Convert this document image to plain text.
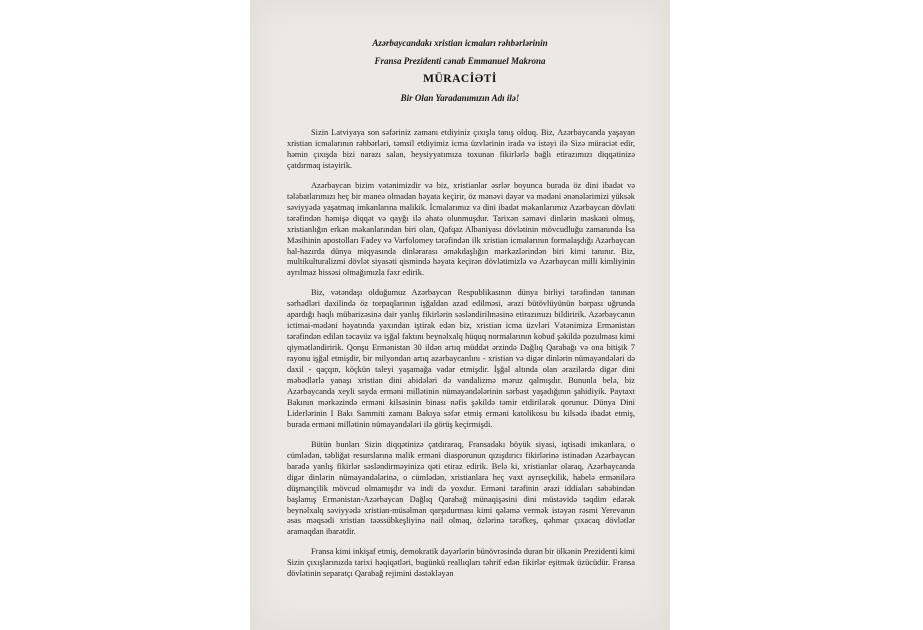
Azərbaycandakı xristian icmaları rəhbərlərinin
Fransa Prezidenti cənab Emmanuel Makrona
MÜRACİƏTİ
Bir Olan Yaradanımızın Adı ilə!

Sizin Latviyaya son səfəriniz zamanı etdiyiniz çıxışla tanış olduq. Biz, Azərbaycanda yaşayan xristian icmalarının rəhbərləri, təmsil etdiyimiz icma üzvlərinin iradə və istəyi ilə Sizə müraciət edir, həmin çıxışda bizi narazı salan, heysiyyatımıza toxunan fikirlərlə bağlı etirazımızı diqqətinizə çatdırmaq istəyirik.

Azərbaycan bizim vətənimizdir və biz, xristianlar əsrlər boyunca burada öz dini ibadət və tələbatlarımızı heç bir maneə olmadan həyata keçirir, öz mənəvi dəyər və mədəni ənənələrimizi yüksək səviyyədə yaşatmaq imkanlarına malikik. İcmalarımız və dini ibadət məkanlarımız Azərbaycan dövləti tərəfindən həmişə diqqət və qayğı ilə əhatə olunmuşdur. Tarixən səmavi dinlərin məskəni olmuş, xristianlığın erkən məkanlarından biri olan, Qafqaz Albaniyası dövlətinin mövcudluğu zamanında İsa Məsihinin apostolları Fadey və Varfolomey tərəfindən ilk xristian icmalarının formalaşdığı Azərbaycan hal-hazırda dünya miqyasında dinlərarası əməkdaşlığın mərkəzlərindən biri kimi tanınır. Biz, multikulturalizmi dövlət siyasəti qismində həyata keçirən dövlətimizlə və Azərbaycan milli kimliyinin ayrılmaz hissəsi olmağımızla fəxr edirik.

Biz, vətəndaşı olduğumuz Azərbaycan Respublikasının dünya birliyi tərəfindən tanınan sərhədləri daxilində öz torpaqlarının işğaldan azad edilməsi, ərazi bütövlüyünün bərpası uğrunda apardığı haqlı mübarizəsinə dair yanlış fikirlərin səsləndirilməsinə etirazımızı bildiririk. Azərbaycanın ictimai-mədəni həyatında yaxından iştirak edən biz, xristian icma üzvləri Vətənimizə Ermənistan tərəfindən edilən təcavüz və işğal faktını beynəlxalq hüquq normalarının kobud şəkildə pozulması kimi qiymətləndiririk. Qonşu Ermənistan 30 ildən artıq müddət ərzində Dağlıq Qarabağı və ona bitişik 7 rayonu işğal etmişdir, bir milyondan artıq azərbaycanlını - xristian və digər dinlərin nümayəndələri də daxil - qaçqın, köçkün taleyi yaşamağa vadar etmişdir. İşğal altında olan ərazilərdə digər dini məbədlərlə yanaşı xristian dini abidələri də vandalizmə məruz qalmışdır. Bununla belə, biz Azərbaycanda xeyli sayda erməni millətinin nümayəndələrinin sərbəst yaşadığının şahidiyik. Paytaxt Bakının mərkəzində erməni kilsəsinin binası nəfis şəkildə təmir etdirilərək qorunur. Dünya Dini Liderlərinin I Bakı Sammiti zamanı Bakıya səfər etmiş erməni katolikosu bu kilsədə ibadət etmiş, burada erməni millətinin nümayəndələri ilə görüş keçirmişdi.

Bütün bunları Sizin diqqətinizə çatdıraraq, Fransadakı böyük siyasi, iqtisadi imkanlara, o cümlədən, təbliğat resurslarına malik erməni diasporunun qızışdırıcı fikirlərinə istinadən Azərbaycan barədə yanlış fikirlər səsləndirməyinizə qəti etiraz edirik. Belə ki, xristianlar olaraq, Azərbaycanda digər dinlərin nümayəndələrinə, o cümlədən, xristianlara heç vaxt ayrıseçkilik, habelə ermənilərə düşmənçilik mövcud olmamışdır və indi də yoxdur. Erməni tərəfinin ərazi iddiaları səbəbindən başlamış Ermənistan-Azərbaycan Dağlıq Qarabağ münaqişəsini dini müstəvidə təqdim edərək beynəlxalq səviyyədə xristian-müsəlman qarşıdurması kimi qələmə vermək istəyən rəsmi Yerevanın əsas məqsədi xristian təəssübkeşliyinə nail olmaq, özlərinə tərəfkeş, qəhmar çıxacaq dövlətlər aramaqdan ibarətdir.

Fransa kimi inkişaf etmiş, demokratik dəyərlərin bünövrəsində duran bir ölkənin Prezidenti kimi Sizin çıxışlarınızda tarixi həqiqətləri, bugünkü reallıqları təhrif edən fikirlər eşitmək üzücüdür. Fransa dövlətinin separatçı Qarabağ rejimini dəstəkləyən
